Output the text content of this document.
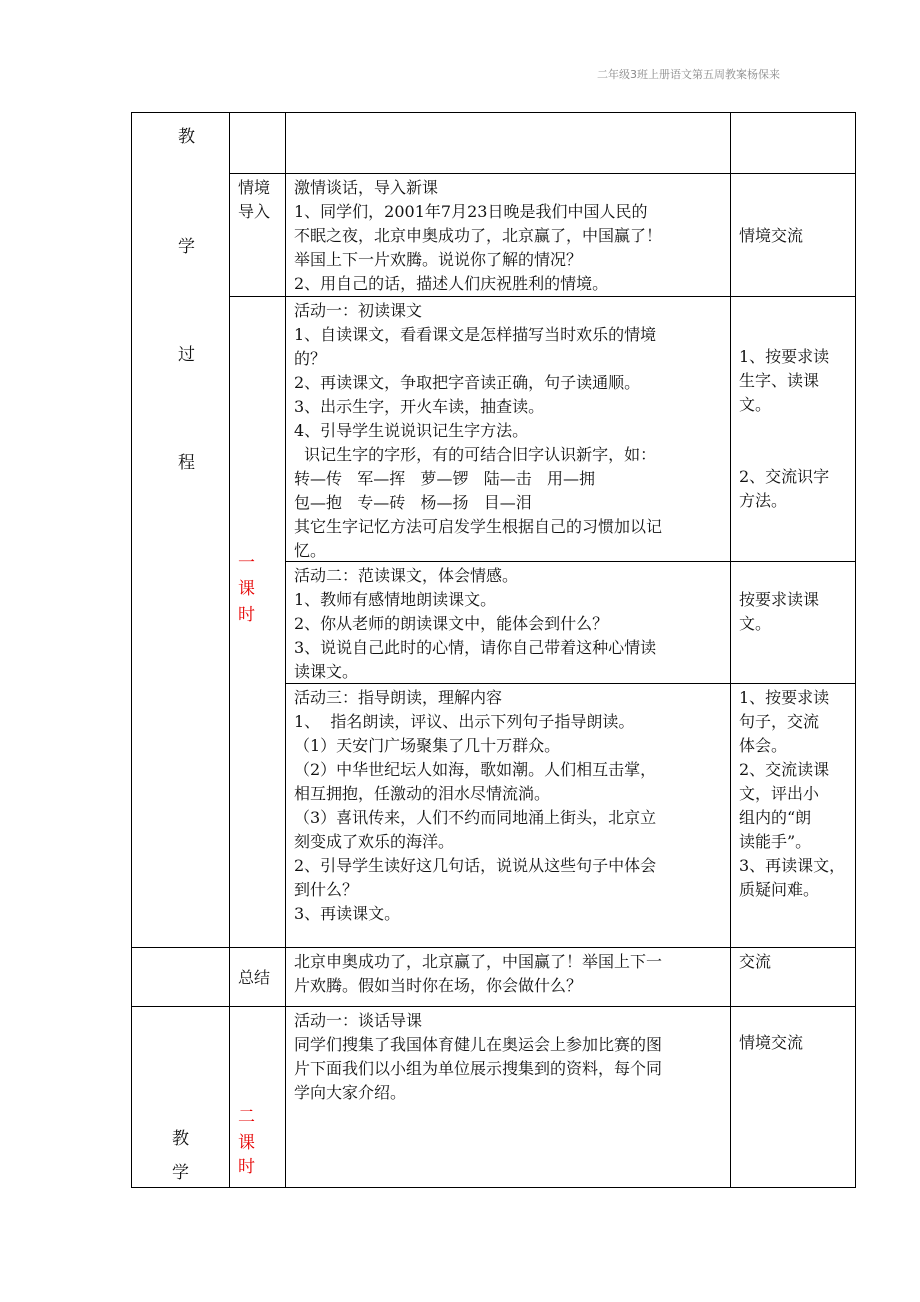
二年级3班上册语文第五周教案杨保来
教
学
过
程
教
学
情境
导入
激情谈话，导入新课
1、同学们，2001年7月23日晚是我们中国人民的
不眠之夜，北京申奥成功了，北京赢了，中国赢了！
举国上下一片欢腾。说说你了解的情况？
2、用自己的话，描述人们庆祝胜利的情境。
情境交流
一
课
时
活动一：初读课文
1、自读课文，看看课文是怎样描写当时欢乐的情境
的？
2、再读课文，争取把字音读正确，句子读通顺。
3、出示生字，开火车读，抽查读。
4、引导学生说说识记生字方法。
识记生字的字形，有的可结合旧字认识新字，如：
转—传   军—挥   萝—锣   陆—击   用—拥
包—抱   专—砖   杨—扬   目—泪
其它生字记忆方法可启发学生根据自己的习惯加以记
忆。
1、按要求读
生字、读课
文。

2、交流识字
方法。
活动二：范读课文，体会情感。
1、教师有感情地朗读课文。
2、你从老师的朗读课文中，能体会到什么？
3、说说自己此时的心情，请你自己带着这种心情读
读课文。
按要求读课
文。
活动三：指导朗读，理解内容
1、  指名朗读，评议、出示下列句子指导朗读。
（1）天安门广场聚集了几十万群众。
（2）中华世纪坛人如海，歌如潮。人们相互击掌，
相互拥抱，任激动的泪水尽情流淌。
（3）喜讯传来，人们不约而同地涌上街头，北京立
刻变成了欢乐的海洋。
2、引导学生读好这几句话，说说从这些句子中体会
到什么？
3、再读课文。
1、按要求读
句子，交流
体会。
2、交流读课
文，评出小
组内的“朗
读能手”。
3、再读课文，
质疑问难。
总结
北京申奥成功了，北京赢了，中国赢了！举国上下一
片欢腾。假如当时你在场，你会做什么？
交流
二
课
时
活动一：谈话导课
同学们搜集了我国体育健儿在奥运会上参加比赛的图
片下面我们以小组为单位展示搜集到的资料，每个同
学向大家介绍。
情境交流
